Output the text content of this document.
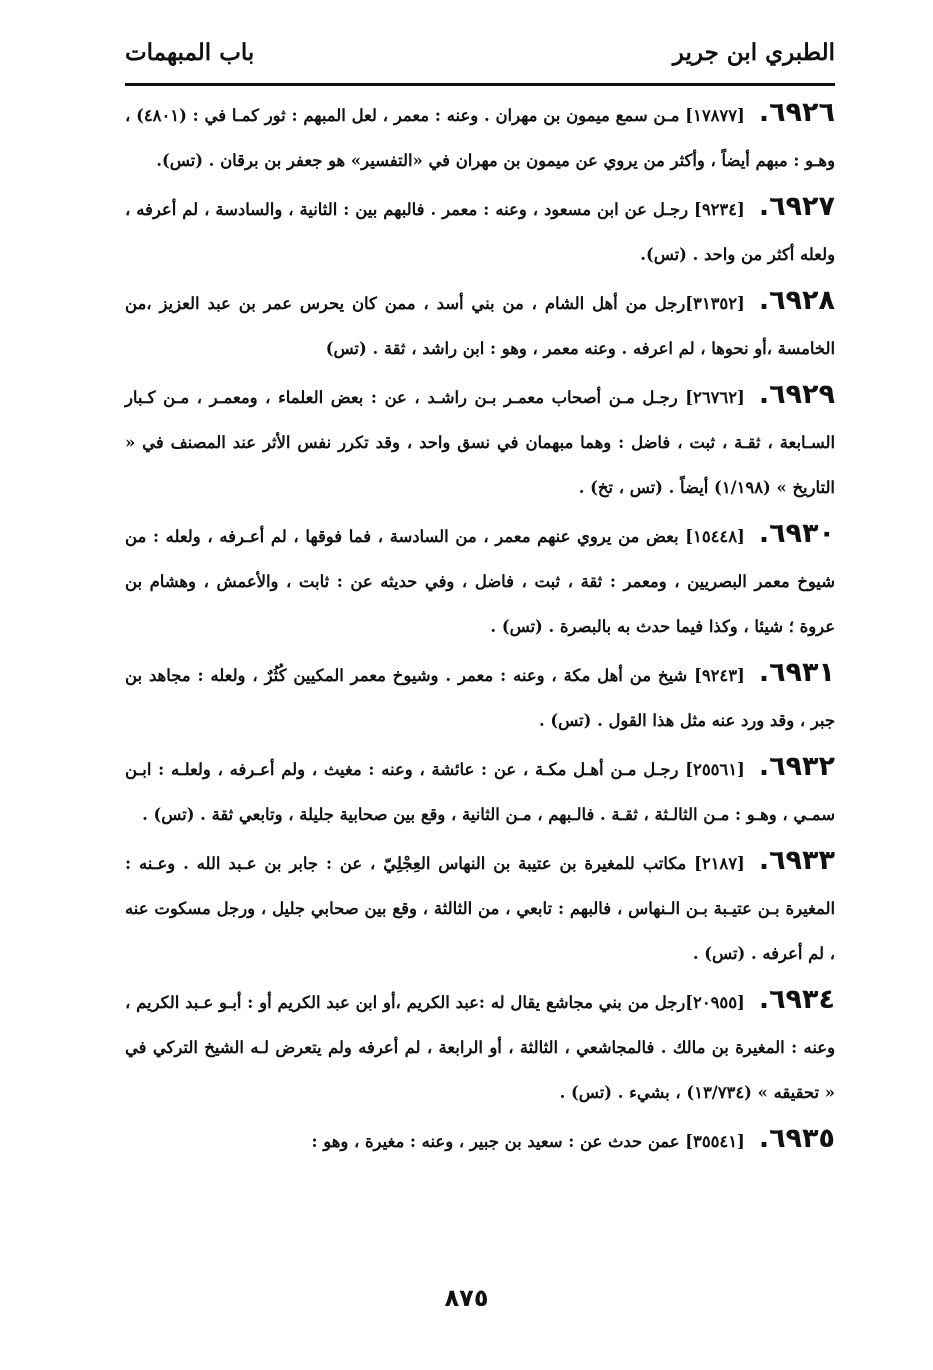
الطبري ابن جرير
باب المبهمات

٦٩٢٦.[١٧٨٧٧] مـن سمع ميمون بن مهران . وعنه : معمر ، لعل المبهم : ثور كمـا في : (٤٨٠١) ، وهـو : مبهم أيضاً ، وأكثر من يروي عن ميمون بن مهران في «التفسير» هو جعفر بن برقان . (تس).

٦٩٢٧.[٩٢٣٤] رجـل عن ابن مسعود ، وعنه : معمر . فالبهم بين : الثانية ، والسادسة ، لم أعرفه ، ولعله أكثر من واحد . (تس).

٦٩٢٨.[٣١٣٥٢]رجل من أهل الشام ، من بني أسد ، ممن كان يحرس عمر بن عبد العزيز ،من الخامسة ،أو نحوها ، لم اعرفه . وعنه معمر ، وهو : ابن راشد ، ثقة . (تس)

٦٩٢٩.[٢٦٧٦٢] رجـل مـن أصحاب معمـر بـن راشـد ، عن : بعض العلماء ، ومعمـر ، مـن كـبار السـابعة ، ثقـة ، ثبت ، فاضل : وهما مبهمان في نسق واحد ، وقد تكرر نفس الأثر عند المصنف في « التاريخ » (١/١٩٨) أيضاً . (تس ، تخ) .

٦٩٣٠.[١٥٤٤٨] بعض من يروي عنهم معمر ، من السادسة ، فما فوقها ، لم أعـرفه ، ولعله : من شيوخ معمر البصريين ، ومعمر : ثقة ، ثبت ، فاضل ، وفي حديثه عن : ثابت ، والأعمش ، وهشام بن عروة ؛ شيئا ، وكذا فيما حدث به بالبصرة . (تس) .

٦٩٣١.[٩٢٤٣] شيخ من أهل مكة ، وعنه : معمر . وشيوخ معمر المكيين كُثُرٌ ، ولعله : مجاهد بن جبر ، وقد ورد عنه مثل هذا القول . (تس) .

٦٩٣٢.[٢٥٥٦١] رجـل مـن أهـل مكـة ، عن : عائشة ، وعنه : مغيث ، ولم أعـرفه ، ولعلـه : ابـن سمـي ، وهـو : مـن الثالـثة ، ثقـة . فالـبهم ، مـن الثانية ، وقع بين صحابية جليلة ، وتابعي ثقة . (تس) .

٦٩٣٣.[٢١٨٧] مكاتب للمغيرة بن عتيبة بن النهاس العِجْلِيّ ، عن : جابر بن عـبد الله . وعـنه : المغيرة بـن عتيـبة بـن الـنهاس ، فالبهم : تابعي ، من الثالثة ، وقع بين صحابي جليل ، ورجل مسكوت عنه ، لم أعرفه . (تس) .

٦٩٣٤.[٢٠٩٥٥]رجل من بني مجاشع يقال له :عبد الكريم ،أو ابن عبد الكريم أو : أبـو عـبد الكريم ، وعنه : المغيرة بن مالك . فالمجاشعي ، الثالثة ، أو الرابعة ، لم أعرفه ولم يتعرض لـه الشيخ التركي في « تحقيقه » (١٣/٧٣٤) ، بشيء . (تس) .

٦٩٣٥.[٣٥٥٤١] عمن حدث عن : سعيد بن جبير ، وعنه : مغيرة ، وهو :

٨٧٥
